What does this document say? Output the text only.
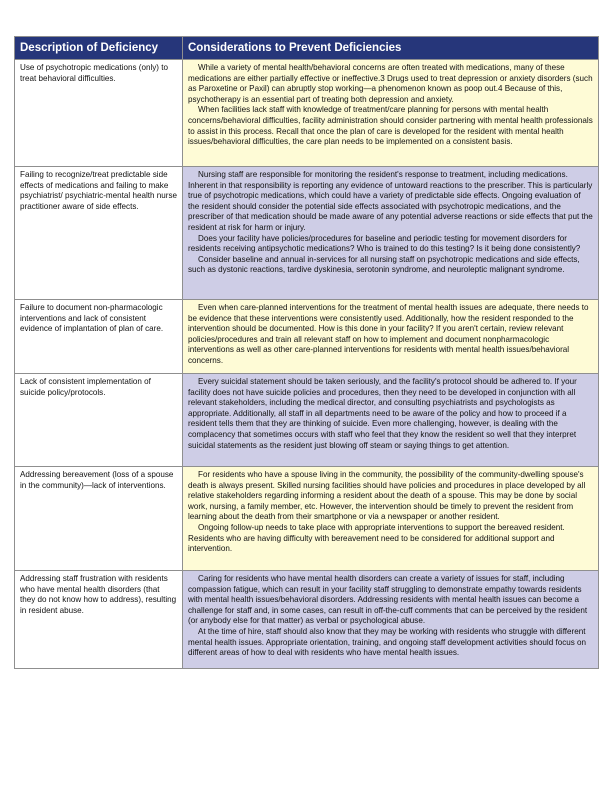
Description of Deficiency	Considerations to Prevent Deficiencies
Use of psychotropic medications (only) to treat behavioral difficulties.	While a variety of mental health/behavioral concerns are often treated with medications, many of these medications are either partially effective or ineffective.3 Drugs used to treat depression or anxiety disorders (such as Paroxetine or Paxil) can abruptly stop working—a phenomenon known as poop out.4 Because of this, psychotherapy is an essential part of treating both depression and anxiety.

When facilities lack staff with knowledge of treatment/care planning for persons with mental health concerns/behavioral difficulties, facility administration should consider partnering with mental health professionals to assist in this process. Recall that once the plan of care is developed for the resident with mental health issues/behavioral difficulties, the care plan needs to be implemented on a consistent basis.

Failing to recognize/treat predictable side effects of medications and failing to make psychiatrist/ psychiatric-mental health nurse practitioner aware of side effects.	Nursing staff are responsible for monitoring the resident's response to treatment, including medications. Inherent in that responsibility is reporting any evidence of untoward reactions to the prescriber. This is particularly true of psychotropic medications, which could have a variety of predictable side effects. Ongoing evaluation of the resident should consider the potential side effects associated with psychotropic medications, and the prescriber of that medication should be made aware of any potential adverse reactions or side effects that put the resident at risk for harm or injury.

Does your facility have policies/procedures for baseline and periodic testing for movement disorders for residents receiving antipsychotic medications? Who is trained to do this testing? Is it being done consistently?

Consider baseline and annual in-services for all nursing staff on psychotropic medications and side effects, such as dystonic reactions, tardive dyskinesia, serotonin syndrome, and neuroleptic malignant syndrome.

Failure to document non-pharmacologic interventions and lack of consistent evidence of implantation of plan of care.	Even when care-planned interventions for the treatment of mental health issues are adequate, there needs to be evidence that these interventions were consistently used. Additionally, how the resident responded to the intervention should be documented. How is this done in your facility? If you aren't certain, review relevant policies/procedures and train all relevant staff on how to implement and document nonpharmacologic interventions as well as other care-planned interventions for residents with mental health issues/behavioral concerns.

Lack of consistent implementation of suicide policy/protocols.	Every suicidal statement should be taken seriously, and the facility's protocol should be adhered to. If your facility does not have suicide policies and procedures, then they need to be developed in conjunction with all relevant stakeholders, including the medical director, and consulting psychiatrists and psychologists as appropriate. Additionally, all staff in all departments need to be aware of the policy and how to proceed if a resident tells them that they are thinking of suicide. Even more challenging, however, is dealing with the complacency that sometimes occurs with staff who feel that they know the resident so well that they interpret suicidal statements as the resident just blowing off steam or saying things to get attention.

Addressing bereavement (loss of a spouse in the community)—lack of interventions.	For residents who have a spouse living in the community, the possibility of the community-dwelling spouse's death is always present. Skilled nursing facilities should have policies and procedures in place developed by all relative stakeholders regarding informing a resident about the death of a spouse. This may be done by social work, nursing, a family member, etc. However, the intervention should be timely to prevent the resident from learning about the death from their smartphone or via a newspaper or another resident.

Ongoing follow-up needs to take place with appropriate interventions to support the bereaved resident. Residents who are having difficulty with bereavement need to be considered for additional support and intervention.

Addressing staff frustration with residents who have mental health disorders (that they do not know how to address), resulting in resident abuse.	Caring for residents who have mental health disorders can create a variety of issues for staff, including compassion fatigue, which can result in your facility staff struggling to demonstrate empathy towards residents with mental health issues/behavioral disorders. Addressing residents with mental health issues can become a challenge for staff and, in some cases, can result in off-the-cuff comments that can be perceived by the resident (or anybody else for that matter) as verbal or psychological abuse.

At the time of hire, staff should also know that they may be working with residents who struggle with different mental health issues. Appropriate orientation, training, and ongoing staff development activities should focus on different areas of how to deal with residents who have mental health issues.
